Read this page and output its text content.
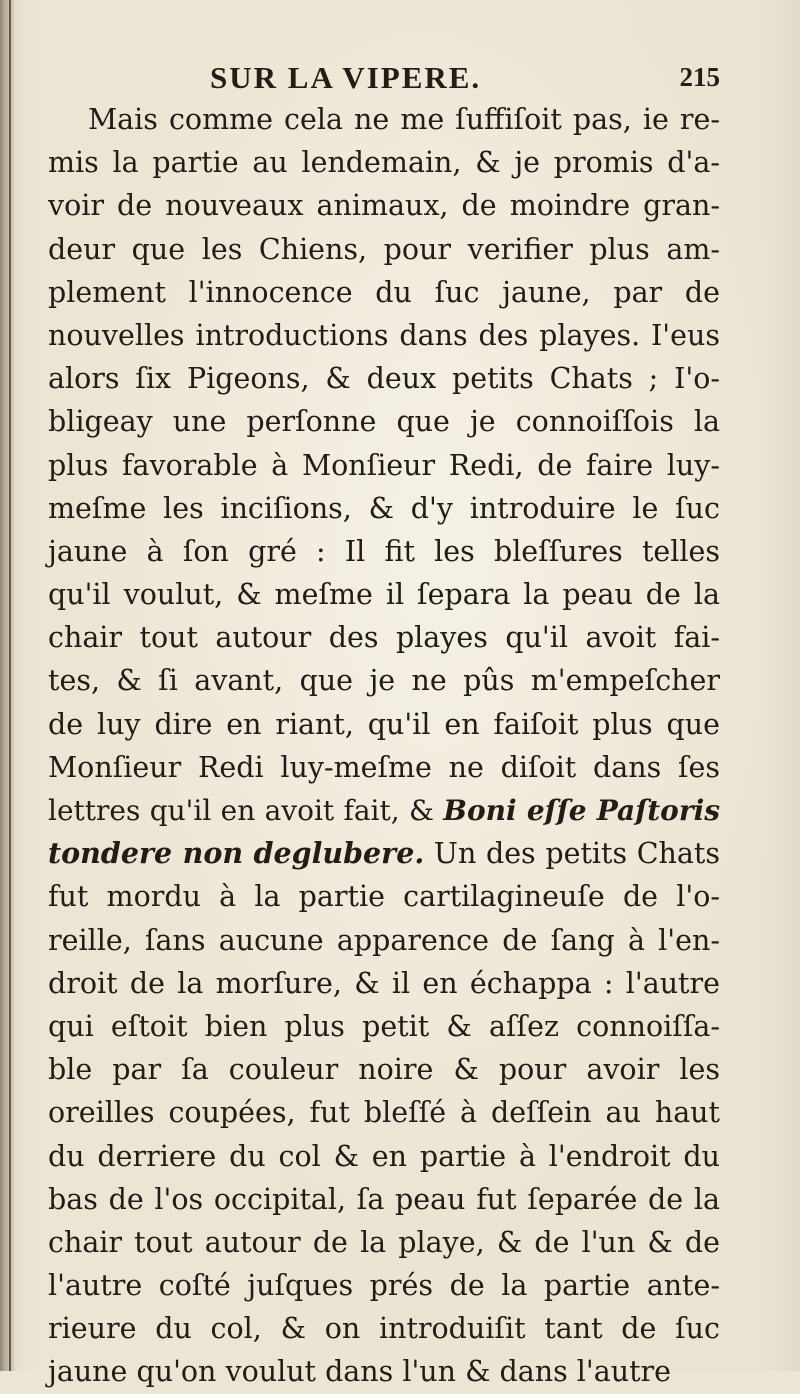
SUR LA VIPERE.	215
Mais comme cela ne me ſuffiſoit pas, ie re-
mis la partie au lendemain, & je promis d'a-
voir de nouveaux animaux, de moindre gran-
deur que les Chiens, pour verifier plus am-
plement l'innocence du ſuc jaune, par de
nouvelles introductions dans des playes. I'eus
alors ſix Pigeons, & deux petits Chats ; I'o-
bligeay une perſonne que je connoiſſois la
plus favorable à Monſieur Redi, de faire luy-
meſme les inciſions, & d'y introduire le ſuc
jaune à ſon gré : Il fit les bleſſures telles
qu'il voulut, & meſme il ſepara la peau de la
chair tout autour des playes qu'il avoit fai-
tes, & ſi avant, que je ne pûs m'empeſcher
de luy dire en riant, qu'il en faiſoit plus que
Monſieur Redi luy-meſme ne diſoit dans ſes
lettres qu'il en avoit fait, & Boni eſſe Paſtoris
tondere non deglubere. Un des petits Chats
fut mordu à la partie cartilagineuſe de l'o-
reille, ſans aucune apparence de ſang à l'en-
droit de la morſure, & il en échappa : l'autre
qui eſtoit bien plus petit & aſſez connoiſſa-
ble par ſa couleur noire & pour avoir les
oreilles coupées, fut bleſſé à deſſein au haut
du derriere du col & en partie à l'endroit du
bas de l'os occipital, ſa peau fut ſeparée de la
chair tout autour de la playe, & de l'un & de
l'autre coſté juſques prés de la partie ante-
rieure du col, & on introduiſit tant de ſuc
jaune qu'on voulut dans l'un & dans l'autre
